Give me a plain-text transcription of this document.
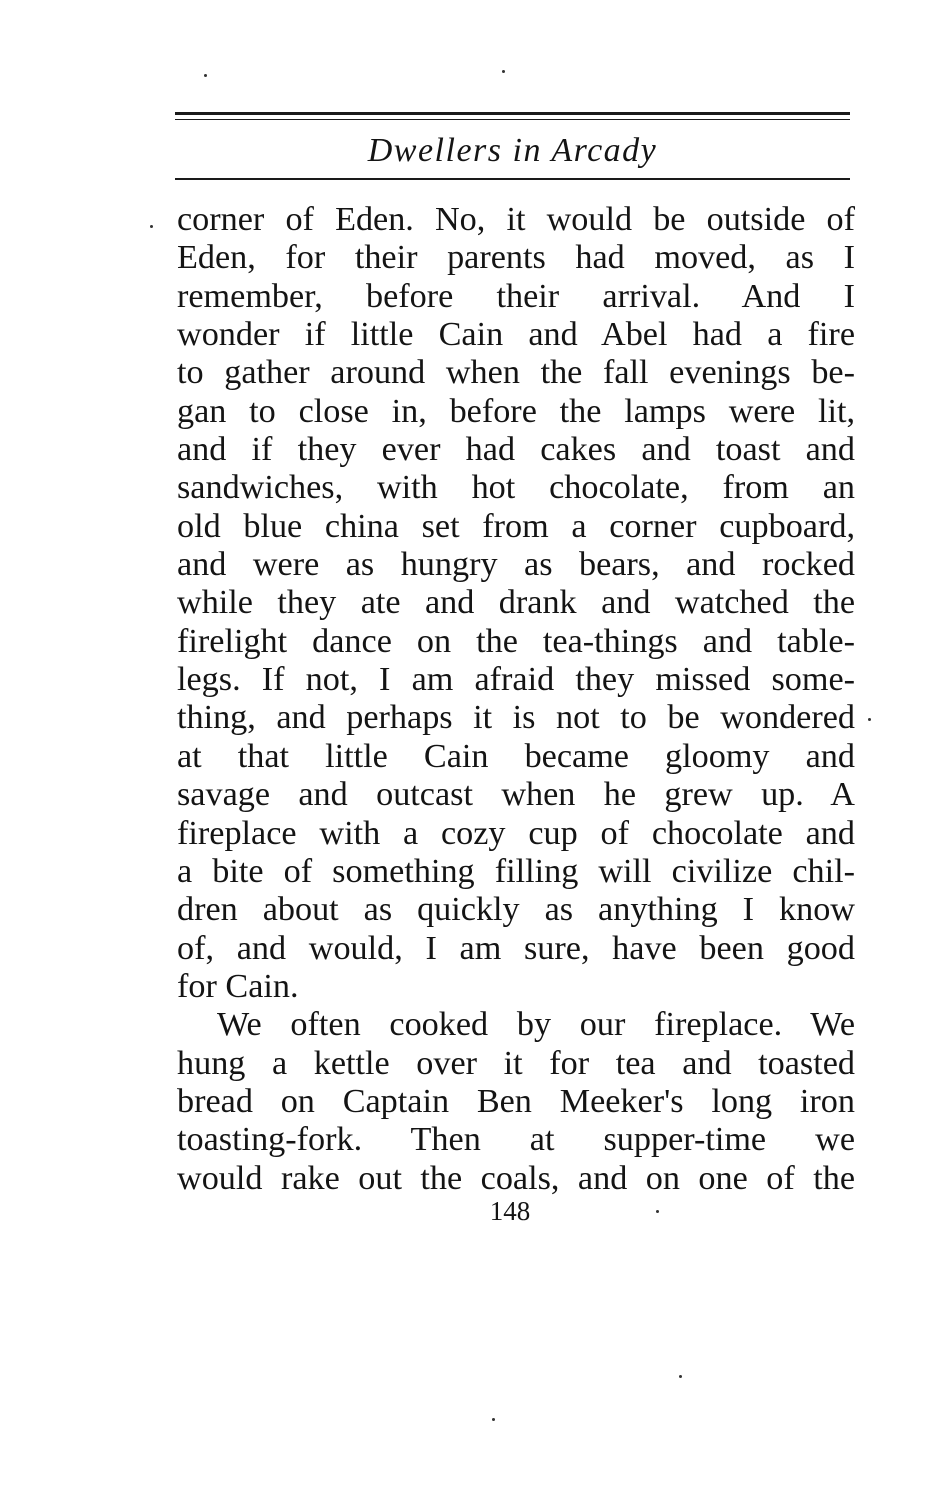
Dwellers in Arcady
corner of Eden. No, it would be outside of
Eden, for their parents had moved, as I
remember, before their arrival. And I
wonder if little Cain and Abel had a fire
to gather around when the fall evenings be-
gan to close in, before the lamps were lit,
and if they ever had cakes and toast and
sandwiches, with hot chocolate, from an
old blue china set from a corner cupboard,
and were as hungry as bears, and rocked
while they ate and drank and watched the
firelight dance on the tea-things and table-
legs. If not, I am afraid they missed some-
thing, and perhaps it is not to be wondered
at that little Cain became gloomy and
savage and outcast when he grew up. A
fireplace with a cozy cup of chocolate and
a bite of something filling will civilize chil-
dren about as quickly as anything I know
of, and would, I am sure, have been good
for Cain.
We often cooked by our fireplace. We
hung a kettle over it for tea and toasted
bread on Captain Ben Meeker's long iron
toasting-fork. Then at supper-time we
would rake out the coals, and on one of the
148
